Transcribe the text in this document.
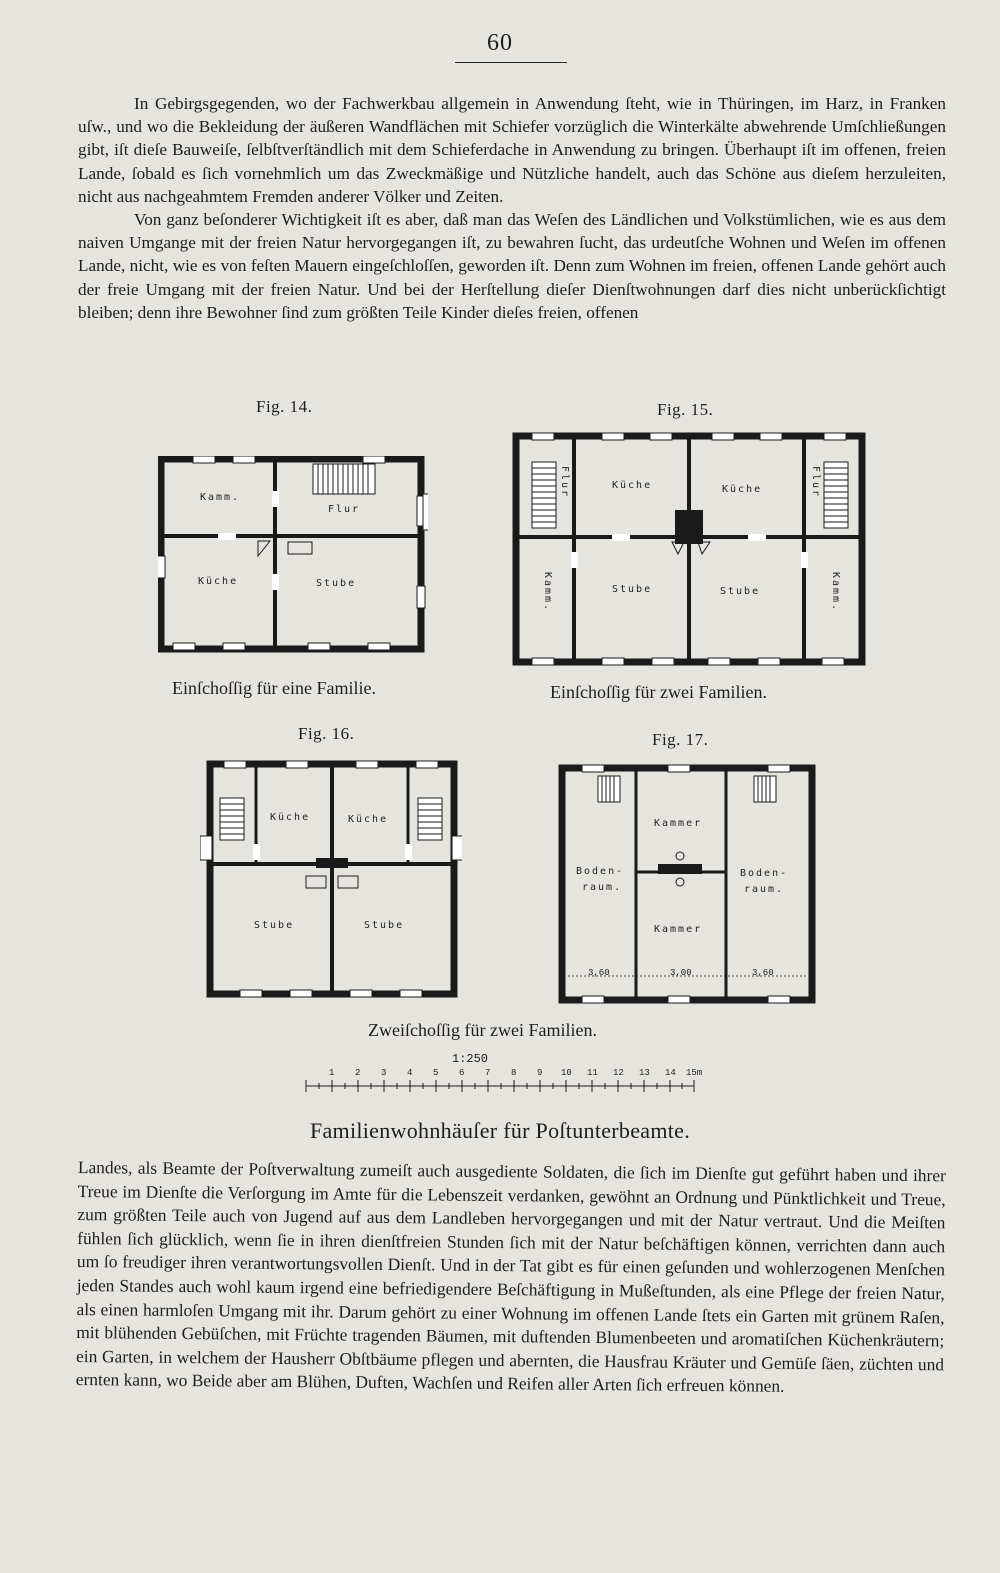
60

In Gebirgsgegenden, wo der Fachwerkbau allgemein in Anwendung ſteht, wie in Thüringen, im Harz, in Franken uſw., und wo die Bekleidung der äußeren Wandflächen mit Schiefer vorzüglich die Winterkälte abwehrende Umſchließungen gibt, iſt dieſe Bauweiſe, ſelbſtverſtändlich mit dem Schieferdache in Anwendung zu bringen. Überhaupt iſt im offenen, freien Lande, ſobald es ſich vornehmlich um das Zweckmäßige und Nützliche handelt, auch das Schöne aus dieſem herzuleiten, nicht aus nachgeahmtem Fremden anderer Völker und Zeiten.

Von ganz beſonderer Wichtigkeit iſt es aber, daß man das Weſen des Ländlichen und Volkstümlichen, wie es aus dem naiven Umgange mit der freien Natur hervorgegangen iſt, zu bewahren ſucht, das urdeutſche Wohnen und Weſen im offenen Lande, nicht, wie es von feſten Mauern eingeſchloſſen, geworden iſt. Denn zum Wohnen im freien, offenen Lande gehört auch der freie Umgang mit der freien Natur. Und bei der Herſtellung dieſer Dienſtwohnungen darf dies nicht unberückſichtigt bleiben; denn ihre Bewohner ſind zum größten Teile Kinder dieſes freien, offenen

Fig. 14.
Kamm.
Flur
Küche	Stube
Einſchoſſig für eine Familie.
Fig. 15.
Flur	Küche	Küche	Flur
Kamm.	Stube	Stube	Kamm.
Einſchoſſig für zwei Familien.
Fig. 16.
Küche	Küche
Stube	Stube
Fig. 17.
Kammer
Boden-
raum.
Boden-
raum.
Kammer
3,60	3,00	3,60
Zweiſchoſſig für zwei Familien.
1:250
1 2 3 4 5 6 7 8 9 10 11 12 13 14 15m
Familienwohnhäuſer für Poſtunterbeamte.

Landes, als Beamte der Poſtverwaltung zumeiſt auch ausgediente Soldaten, die ſich im Dienſte gut geführt haben und ihrer Treue im Dienſte die Verſorgung im Amte für die Lebenszeit verdanken, gewöhnt an Ordnung und Pünktlichkeit und Treue, zum größten Teile auch von Jugend auf aus dem Landleben hervorgegangen und mit der Natur vertraut. Und die Meiſten fühlen ſich glücklich, wenn ſie in ihren dienſtfreien Stunden ſich mit der Natur beſchäftigen können, verrichten dann auch um ſo freudiger ihren verantwortungsvollen Dienſt. Und in der Tat gibt es für einen geſunden und wohlerzogenen Menſchen jeden Standes auch wohl kaum irgend eine befriedigendere Beſchäftigung in Mußeſtunden, als eine Pflege der freien Natur, als einen harmloſen Umgang mit ihr. Darum gehört zu einer Wohnung im offenen Lande ſtets ein Garten mit grünem Raſen, mit blühenden Gebüſchen, mit Früchte tragenden Bäumen, mit duftenden Blumenbeeten und aromatiſchen Küchenkräutern; ein Garten, in welchem der Hausherr Obſtbäume pflegen und abernten, die Hausfrau Kräuter und Gemüſe ſäen, züchten und ernten kann, wo Beide aber am Blühen, Duften, Wachſen und Reifen aller Arten ſich erfreuen können.
